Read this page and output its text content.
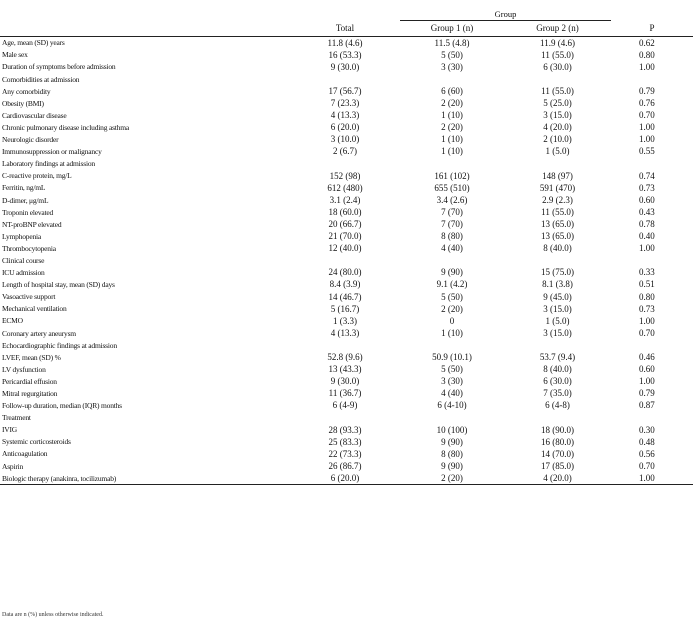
		Group		
	Total	Group 1 (n)	Group 2 (n)	P
Age, mean (SD) years	11.8 (4.6)	11.5 (4.8)	11.9 (4.6)	0.62
Male sex	16 (53.3)	5 (50)	11 (55.0)	0.80
Duration of symptoms before admission	9 (30.0)	3 (30)	6 (30.0)	1.00
Comorbidities at admission				
Any comorbidity	17 (56.7)	6 (60)	11 (55.0)	0.79
Obesity (BMI)	7 (23.3)	2 (20)	5 (25.0)	0.76
Cardiovascular disease	4 (13.3)	1 (10)	3 (15.0)	0.70
Chronic pulmonary disease including asthma	6 (20.0)	2 (20)	4 (20.0)	1.00
Neurologic disorder	3 (10.0)	1 (10)	2 (10.0)	1.00
Immunosuppression or malignancy	2 (6.7)	1 (10)	1 (5.0)	0.55
Laboratory findings at admission				
C-reactive protein, mg/L	152 (98)	161 (102)	148 (97)	0.74
Ferritin, ng/mL	612 (480)	655 (510)	591 (470)	0.73
D-dimer, μg/mL	3.1 (2.4)	3.4 (2.6)	2.9 (2.3)	0.60
Troponin elevated	18 (60.0)	7 (70)	11 (55.0)	0.43
NT-proBNP elevated	20 (66.7)	7 (70)	13 (65.0)	0.78
Lymphopenia	21 (70.0)	8 (80)	13 (65.0)	0.40
Thrombocytopenia	12 (40.0)	4 (40)	8 (40.0)	1.00
Clinical course				
ICU admission	24 (80.0)	9 (90)	15 (75.0)	0.33
Length of hospital stay, mean (SD) days	8.4 (3.9)	9.1 (4.2)	8.1 (3.8)	0.51
Vasoactive support	14 (46.7)	5 (50)	9 (45.0)	0.80
Mechanical ventilation	5 (16.7)	2 (20)	3 (15.0)	0.73
ECMO	1 (3.3)	0	1 (5.0)	1.00
Coronary artery aneurysm	4 (13.3)	1 (10)	3 (15.0)	0.70
Echocardiographic findings at admission				
LVEF, mean (SD) %	52.8 (9.6)	50.9 (10.1)	53.7 (9.4)	0.46
LV dysfunction	13 (43.3)	5 (50)	8 (40.0)	0.60
Pericardial effusion	9 (30.0)	3 (30)	6 (30.0)	1.00
Mitral regurgitation	11 (36.7)	4 (40)	7 (35.0)	0.79
Follow-up duration, median (IQR) months	6 (4-9)	6 (4-10)	6 (4-8)	0.87
Treatment				
IVIG	28 (93.3)	10 (100)	18 (90.0)	0.30
Systemic corticosteroids	25 (83.3)	9 (90)	16 (80.0)	0.48
Anticoagulation	22 (73.3)	8 (80)	14 (70.0)	0.56
Aspirin	26 (86.7)	9 (90)	17 (85.0)	0.70
Biologic therapy (anakinra, tocilizumab)	6 (20.0)	2 (20)	4 (20.0)	1.00
Data are n (%) unless otherwise indicated.
